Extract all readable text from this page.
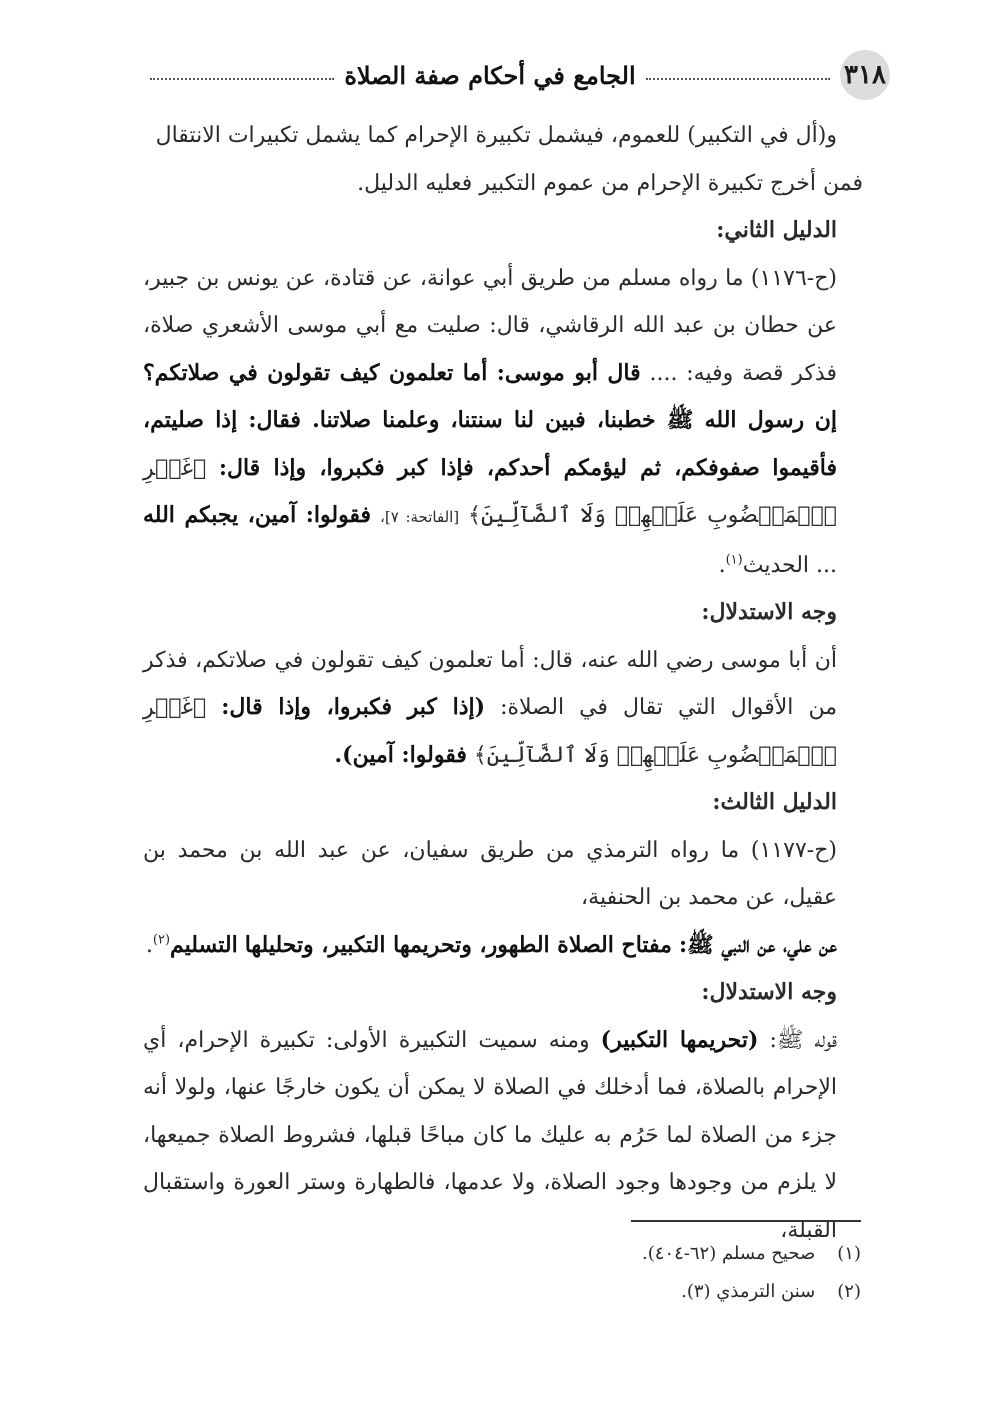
٣١٨
الجامع في أحكام صفة الصلاة

و(أل في التكبير) للعموم، فيشمل تكبيرة الإحرام كما يشمل تكبيرات الانتقال

فمن أخرج تكبيرة الإحرام من عموم التكبير فعليه الدليل.

الدليل الثاني:

(ح-١١٧٦) ما رواه مسلم من طريق أبي عوانة، عن قتادة، عن يونس بن جبير، عن حطان بن عبد الله الرقاشي، قال: صليت مع أبي موسى الأشعري صلاة، فذكر قصة وفيه: .... قال أبو موسى: أما تعلمون كيف تقولون في صلاتكم؟ إن رسول الله ﷺ خطبنا، فبين لنا سنتنا، وعلمنا صلاتنا. فقال: إذا صليتم، فأقيموا صفوفكم، ثم ليؤمكم أحدكم، فإذا كبر فكبروا، وإذا قال: ﴿غَيۡرِ ٱلۡمَغۡضُوبِ عَلَيۡهِمۡ وَلَا ٱلضَّآلِّينَ﴾ [الفاتحة: ٧]، فقولوا: آمين، يجبكم الله ... الحديث$^{(١)}$.

وجه الاستدلال:

أن أبا موسى رضي الله عنه، قال: أما تعلمون كيف تقولون في صلاتكم، فذكر من الأقوال التي تقال في الصلاة: (إذا كبر فكبروا، وإذا قال: ﴿غَيۡرِ ٱلۡمَغۡضُوبِ عَلَيۡهِمۡ وَلَا ٱلضَّآلِّينَ﴾ فقولوا: آمين).

الدليل الثالث:

(ح-١١٧٧) ما رواه الترمذي من طريق سفيان، عن عبد الله بن محمد بن عقيل، عن محمد بن الحنفية،

عن علي، عن النبي ﷺ: مفتاح الصلاة الطهور، وتحريمها التكبير، وتحليلها التسليم$^{(٢)}$.

وجه الاستدلال:

قوله ﷺ: (تحريمها التكبير) ومنه سميت التكبيرة الأولى: تكبيرة الإحرام، أي الإحرام بالصلاة، فما أدخلك في الصلاة لا يمكن أن يكون خارجًا عنها، ولولا أنه جزء من الصلاة لما حَرُم به عليك ما كان مباحًا قبلها، فشروط الصلاة جميعها، لا يلزم من وجودها وجود الصلاة، ولا عدمها، فالطهارة وستر العورة واستقبال القبلة،

(١) صحيح مسلم (٦٢-٤٠٤).

(٢) سنن الترمذي (٣).
